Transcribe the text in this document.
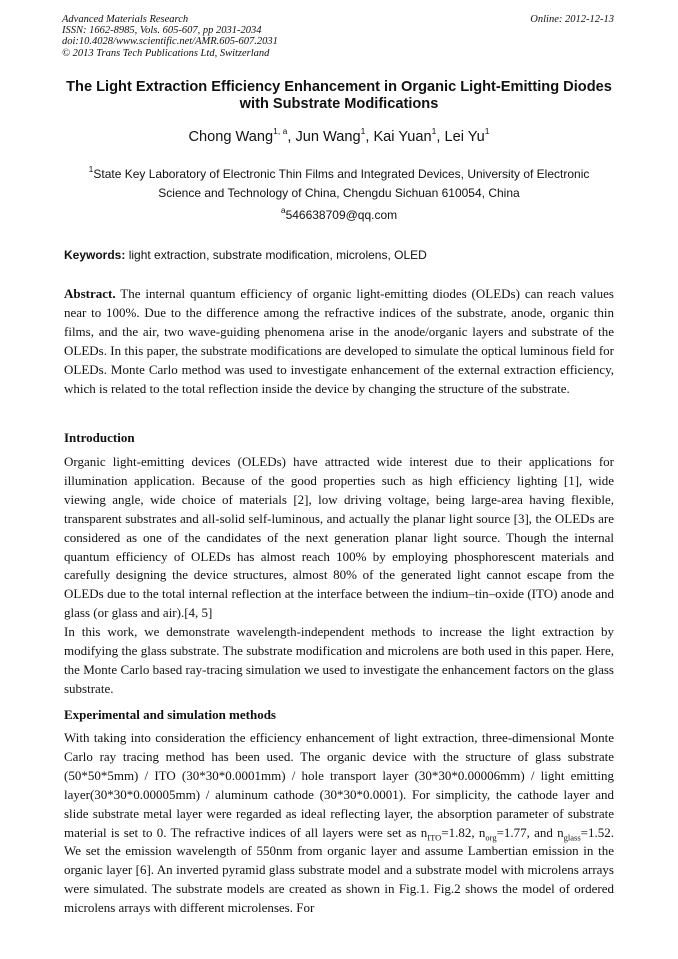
Advanced Materials Research
ISSN: 1662-8985, Vols. 605-607, pp 2031-2034
doi:10.4028/www.scientific.net/AMR.605-607.2031
© 2013 Trans Tech Publications Ltd, Switzerland
Online: 2012-12-13
The Light Extraction Efficiency Enhancement in Organic Light-Emitting Diodes with Substrate Modifications
Chong Wang$^{1, a}$, Jun Wang$^1$, Kai Yuan$^1$, Lei Yu$^1$
$^1$State Key Laboratory of Electronic Thin Films and Integrated Devices, University of Electronic Science and Technology of China, Chengdu Sichuan 610054, China
$^a$546638709@qq.com
Keywords: light extraction, substrate modification, microlens, OLED

Abstract. The internal quantum efficiency of organic light-emitting diodes (OLEDs) can reach values near to 100%. Due to the difference among the refractive indices of the substrate, anode, organic thin films, and the air, two wave-guiding phenomena arise in the anode/organic layers and substrate of the OLEDs. In this paper, the substrate modifications are developed to simulate the optical luminous field for OLEDs. Monte Carlo method was used to investigate enhancement of the external extraction efficiency, which is related to the total reflection inside the device by changing the structure of the substrate.

Introduction

Organic light-emitting devices (OLEDs) have attracted wide interest due to their applications for illumination application. Because of the good properties such as high efficiency lighting [1], wide viewing angle, wide choice of materials [2], low driving voltage, being large-area having flexible, transparent substrates and all-solid self-luminous, and actually the planar light source [3], the OLEDs are considered as one of the candidates of the next generation planar light source. Though the internal quantum efficiency of OLEDs has almost reach 100% by employing phosphorescent materials and carefully designing the device structures, almost 80% of the generated light cannot escape from the OLEDs due to the total internal reflection at the interface between the indium–tin–oxide (ITO) anode and glass (or glass and air).[4, 5]

In this work, we demonstrate wavelength-independent methods to increase the light extraction by modifying the glass substrate. The substrate modification and microlens are both used in this paper. Here, the Monte Carlo based ray-tracing simulation we used to investigate the enhancement factors on the glass substrate.

Experimental and simulation methods

With taking into consideration the efficiency enhancement of light extraction, three-dimensional Monte Carlo ray tracing method has been used. The organic device with the structure of glass substrate (50*50*5mm) / ITO (30*30*0.0001mm) / hole transport layer (30*30*0.00006mm) / light emitting layer(30*30*0.00005mm) / aluminum cathode (30*30*0.0001). For simplicity, the cathode layer and slide substrate metal layer were regarded as ideal reflecting layer, the absorption parameter of substrate material is set to 0. The refractive indices of all layers were set as $n_{ITO}=1.82$, $n_{org}=1.77$, and $n_{glass}=1.52$. We set the emission wavelength of 550nm from organic layer and assume Lambertian emission in the organic layer [6]. An inverted pyramid glass substrate model and a substrate model with microlens arrays were simulated. The substrate models are created as shown in Fig.1. Fig.2 shows the model of ordered microlens arrays with different microlenses. For
